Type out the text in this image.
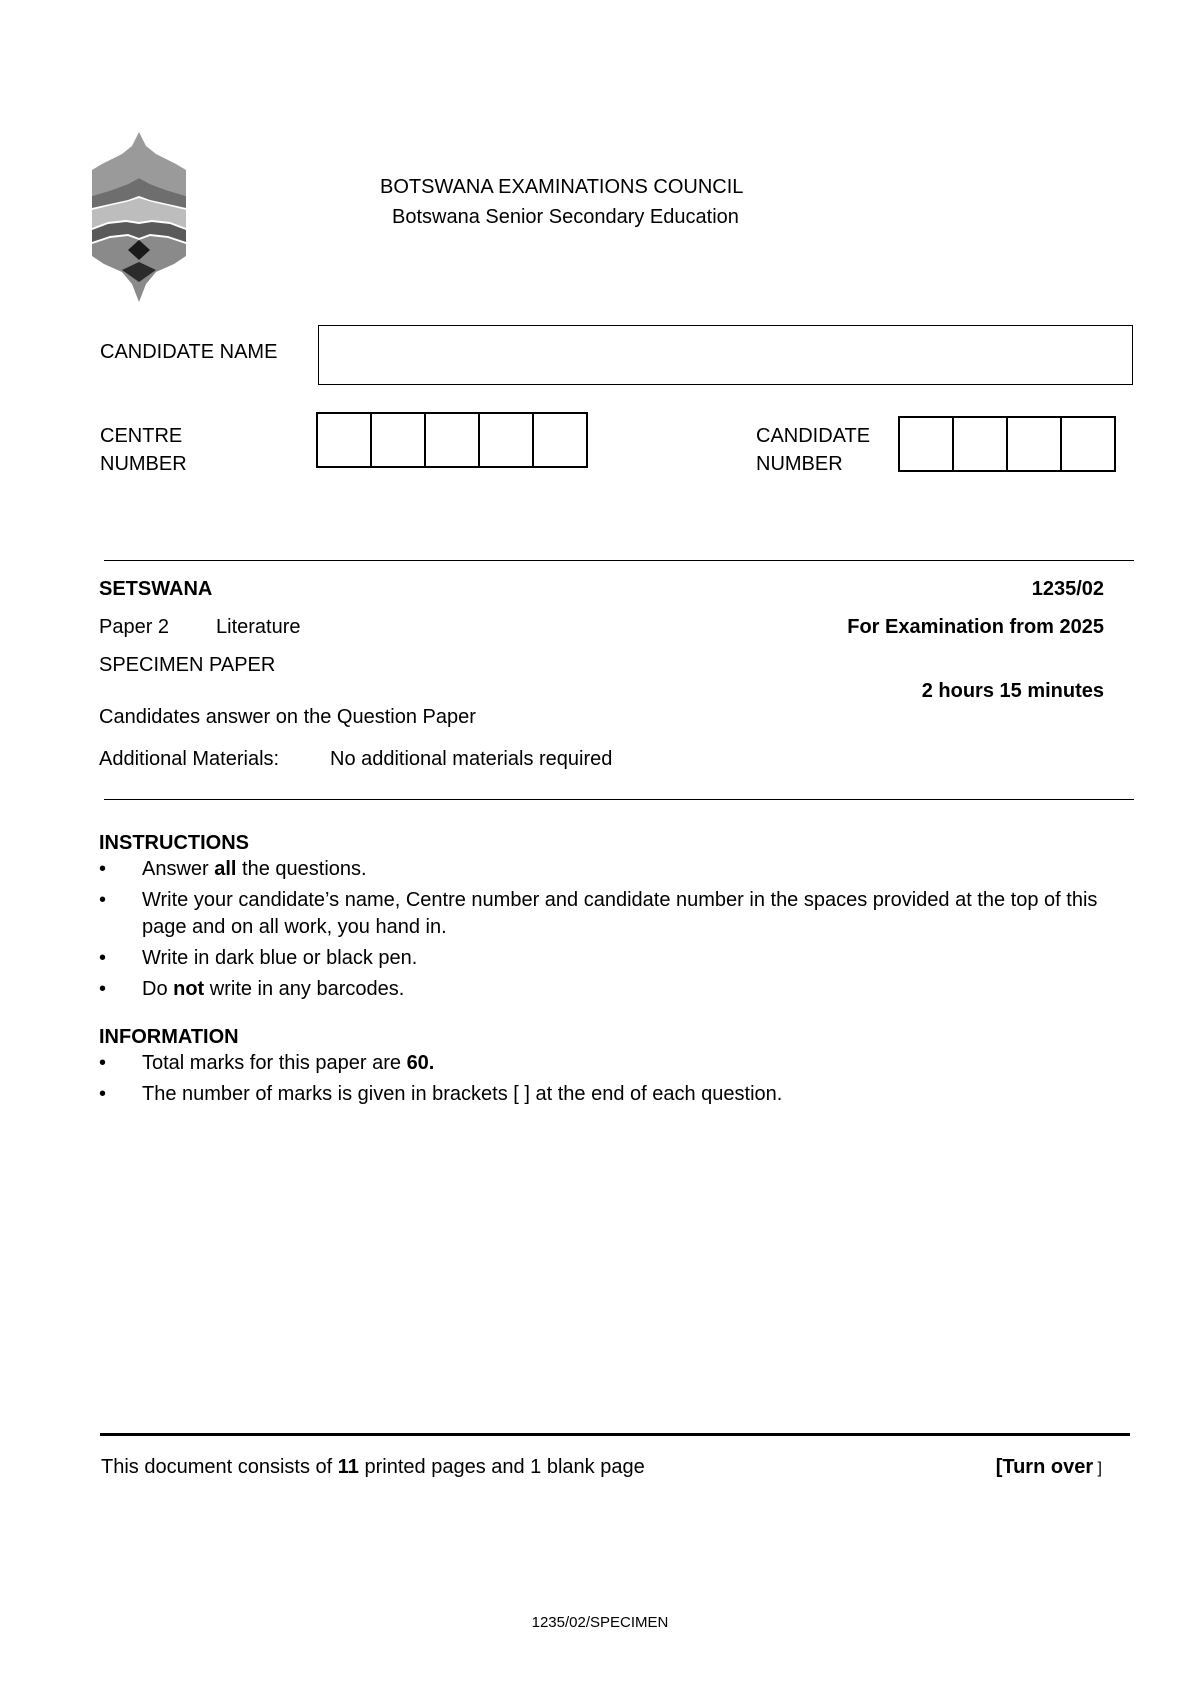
BOTSWANA EXAMINATIONS COUNCIL
Botswana Senior Secondary Education
CANDIDATE NAME
CENTRE
NUMBER
CANDIDATE
NUMBER
SETSWANA	1235/02
Paper 2 Literature	For Examination from 2025
SPECIMEN PAPER
2 hours 15 minutes
Candidates answer on the Question Paper
Additional Materials:	No additional materials required
INSTRUCTIONS
• Answer all the questions.
• Write your candidate’s name, Centre number and candidate number in the spaces provided at the top of this page and on all work, you hand in.
• Write in dark blue or black pen.
• Do not write in any barcodes.
INFORMATION
• Total marks for this paper are 60.
• The number of marks is given in brackets [ ] at the end of each question.
This document consists of 11 printed pages and 1 blank page	[Turn over ]
1235/02/SPECIMEN
